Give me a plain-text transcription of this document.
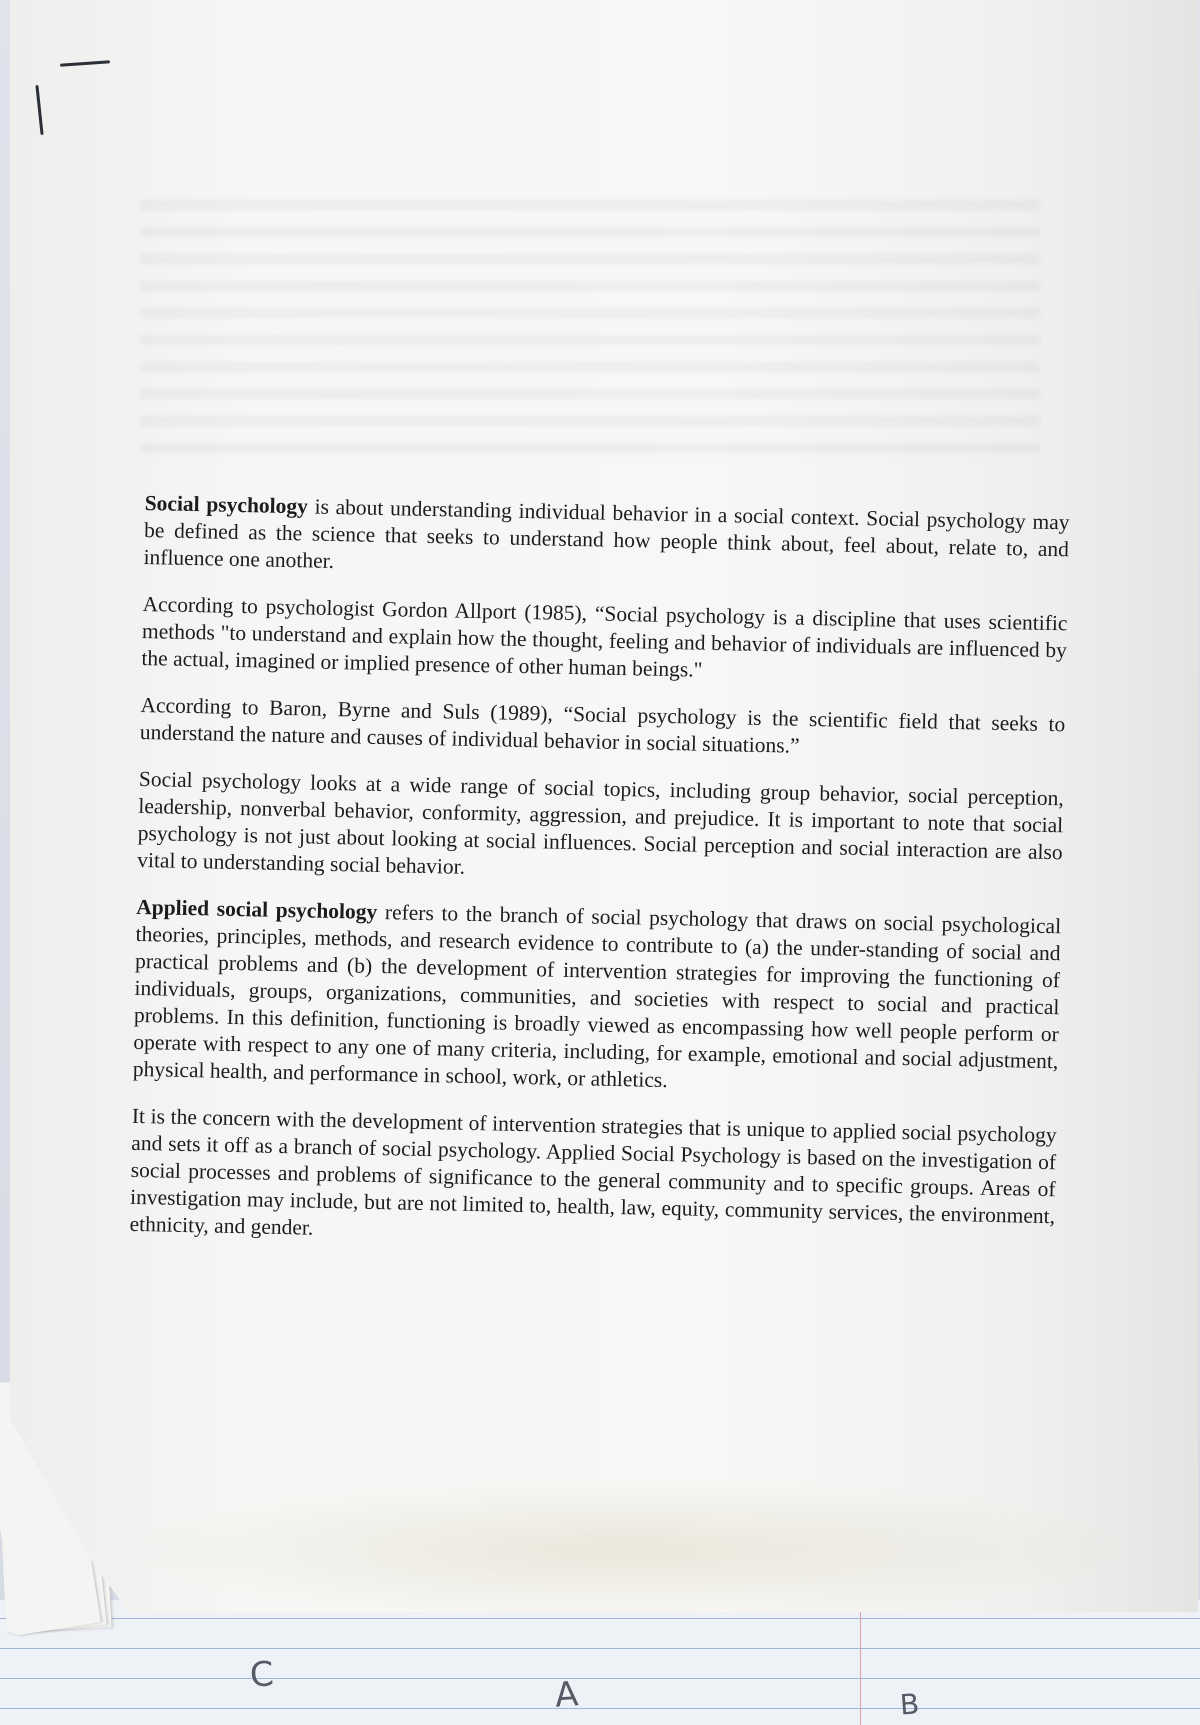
C	A	B

Social psychology is about understanding individual behavior in a social context. Social psychology may be defined as the science that seeks to understand how people think about, feel about, relate to, and influence one another.

According to psychologist Gordon Allport (1985), “Social psychology is a discipline that uses scientific methods "to understand and explain how the thought, feeling and behavior of individuals are influenced by the actual, imagined or implied presence of other human beings."

According to Baron, Byrne and Suls (1989), “Social psychology is the scientific field that seeks to understand the nature and causes of individual behavior in social situations.”

Social psychology looks at a wide range of social topics, including group behavior, social perception, leadership, nonverbal behavior, conformity, aggression, and prejudice. It is important to note that social psychology is not just about looking at social influences. Social perception and social interaction are also vital to understanding social behavior.

Applied social psychology refers to the branch of social psychology that draws on social psychological theories, principles, methods, and research evidence to contribute to (a) the under-standing of social and practical problems and (b) the development of intervention strategies for improving the functioning of individuals, groups, organizations, communities, and societies with respect to social and practical problems. In this definition, functioning is broadly viewed as encompassing how well people perform or operate with respect to any one of many criteria, including, for example, emotional and social adjustment, physical health, and performance in school, work, or athletics.

It is the concern with the development of intervention strategies that is unique to applied social psychology and sets it off as a branch of social psychology. Applied Social Psychology is based on the investigation of social processes and problems of significance to the general community and to specific groups. Areas of investigation may include, but are not limited to, health, law, equity, community services, the environment, ethnicity, and gender.
